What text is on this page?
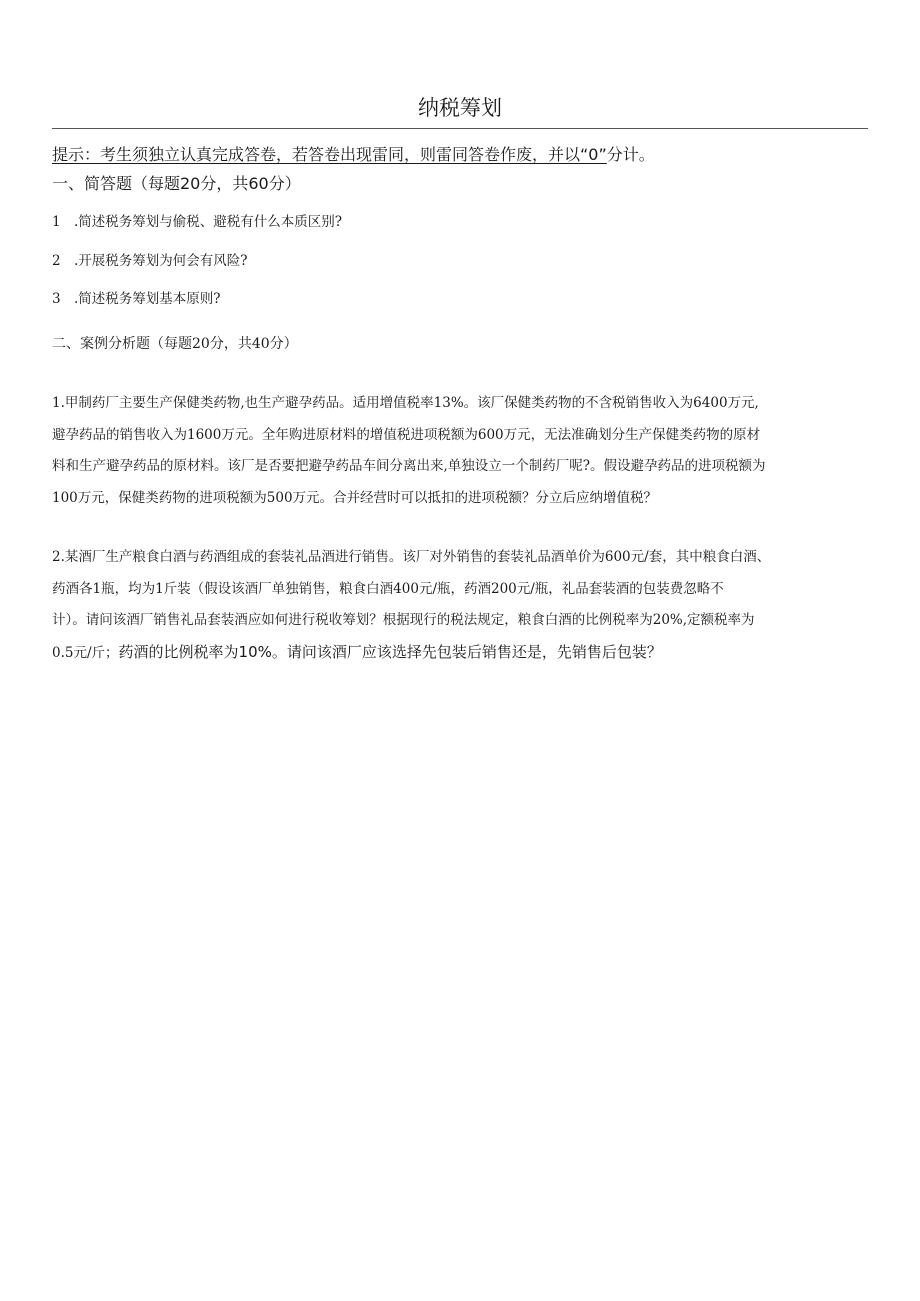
纳税筹划
提示：考生须独立认真完成答卷，若答卷出现雷同，则雷同答卷作废，并以“0”分计。
一、简答题（每题20分，共60分）
1 .简述税务筹划与偷税、避税有什么本质区别?
2 .开展税务筹划为何会有风险?
3 .简述税务筹划基本原则?
二、案例分析题（每题20分，共40分）
1.甲制药厂主要生产保健类药物,也生产避孕药品。适用增值税率13%。该厂保健类药物的不含税销售收入为6400万元,
避孕药品的销售收入为1600万元。全年购进原材料的增值税进项税额为600万元，无法准确划分生产保健类药物的原材
料和生产避孕药品的原材料。该厂是否要把避孕药品车间分离出来,单独设立一个制药厂呢?。假设避孕药品的进项税额为
100万元，保健类药物的进项税额为500万元。合并经营时可以抵扣的进项税额？分立后应纳增值税？
2.某酒厂生产粮食白酒与药酒组成的套装礼品酒进行销售。该厂对外销售的套装礼品酒单价为600元/套，其中粮食白酒、
药酒各1瓶，均为1斤装（假设该酒厂单独销售，粮食白酒400元/瓶，药酒200元/瓶，礼品套装酒的包装费忽略不
计）。请问该酒厂销售礼品套装酒应如何进行税收筹划？根据现行的税法规定，粮食白酒的比例税率为20%,定额税率为
0.5元/斤；药酒的比例税率为10%。请问该酒厂应该选择先包装后销售还是，先销售后包装？
